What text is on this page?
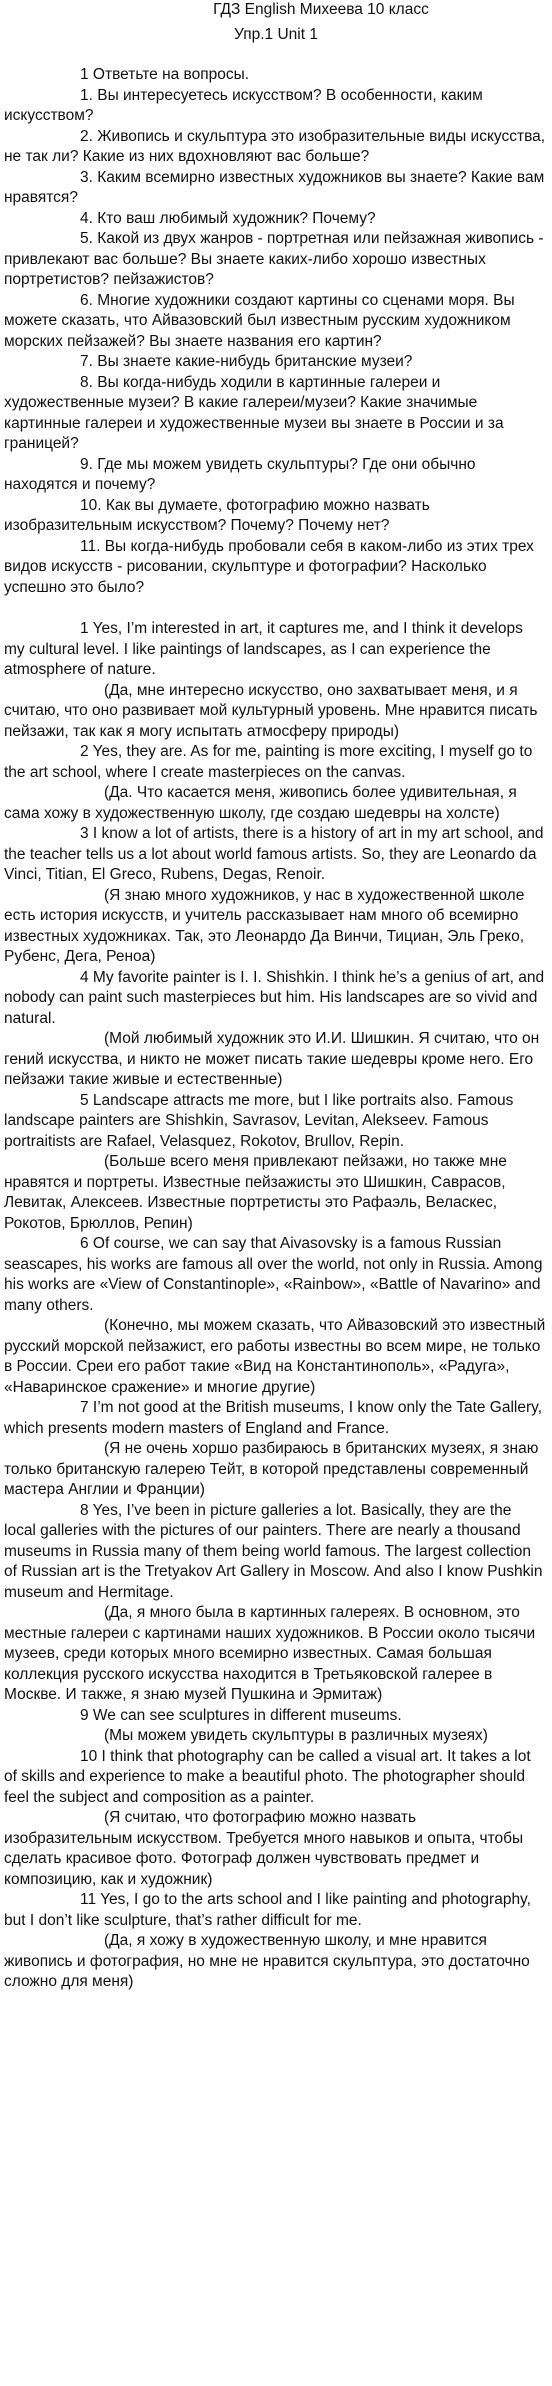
ГДЗ English Михеева 10 класс

Упр.1 Unit 1

1 Ответьте на вопросы.

1. Вы интересуетесь искусством? В особенности, каким искусством?

2. Живопись и скульптура это изобразительные виды искусства, не так ли? Какие из них вдохновляют вас больше?

3. Каким всемирно известных художников вы знаете? Какие вам нравятся?

4. Кто ваш любимый художник? Почему?

5. Какой из двух жанров - портретная или пейзажная живопись - привлекают вас больше? Вы знаете каких-либо хорошо известных портретистов? пейзажистов?

6. Многие художники создают картины со сценами моря. Вы можете сказать, что Айвазовский был известным русским художником морских пейзажей? Вы знаете названия его картин?

7. Вы знаете какие-нибудь британские музеи?

8. Вы когда-нибудь ходили в картинные галереи и художественные музеи? В какие галереи/музеи? Какие значимые картинные галереи и художественные музеи вы знаете в России и за границей?

9. Где мы можем увидеть скульптуры? Где они обычно находятся и почему?

10. Как вы думаете, фотографию можно назвать изобразительным искусством? Почему? Почему нет?

11. Вы когда-нибудь пробовали себя в каком-либо из этих трех видов искусств - рисовании, скульптуре и фотографии? Насколько успешно это было?

1 Yes, I’m interested in art, it captures me, and I think it develops my cultural level. I like paintings of landscapes, as I can experience the atmosphere of nature.

(Да, мне интересно искусство, оно захватывает меня, и я считаю, что оно развивает мой культурный уровень. Мне нравится писать пейзажи, так как я могу испытать атмосферу природы)

2 Yes, they are. As for me, painting is more exciting, I myself go to the art school, where I create masterpieces on the canvas.

(Да. Что касается меня, живопись более удивительная, я сама хожу в художественную школу, где создаю шедевры на холсте)

3 I know a lot of artists, there is a history of art in my art school, and the teacher tells us a lot about world famous artists. So, they are Leonardo da Vinci, Titian, El Greco, Rubens, Degas, Renoir.

(Я знаю много художников, у нас в художественной школе есть история искусств, и учитель рассказывает нам много об всемирно известных художниках. Так, это Леонардо Да Винчи, Тициан, Эль Греко, Рубенс, Дега, Реноа)

4 My favorite painter is I. I. Shishkin. I think he’s a genius of art, and nobody can paint such masterpieces but him. His landscapes are so vivid and natural.

(Мой любимый художник это И.И. Шишкин. Я считаю, что он гений искусства, и никто не может писать такие шедевры кроме него. Его пейзажи такие живые и естественные)

5 Landscape attracts me more, but I like portraits also. Famous landscape painters are Shishkin, Savrasov, Levitan, Alekseev. Famous portraitists are Rafael, Velasquez, Rokotov, Brullov, Repin.

(Больше всего меня привлекают пейзажи, но также мне нравятся и портреты. Известные пейзажисты это Шишкин, Саврасов, Левитак, Алексеев. Известные портретисты это Рафаэль, Веласкес, Рокотов, Брюллов, Репин)

6 Of course, we can say that Aivasovsky is a famous Russian seascapes, his works are famous all over the world, not only in Russia. Among his works are «View of Constantinople», «Rainbow», «Battle of Navarino» and many others.

(Конечно, мы можем сказать, что Айвазовский это известный русский морской пейзажист, его работы известны во всем мире, не только в России. Среи его работ такие «Вид на Константинополь», «Радуга», «Наваринское сражение» и многие другие)

7 I’m not good at the British museums, I know only the Tate Gallery, which presents modern masters of England and France.

(Я не очень хоршо разбираюсь в британских музеях, я знаю только британскую галерею Тейт, в которой представлены современный мастера Англии и Франции)

8 Yes, I’ve been in picture galleries a lot. Basically, they are the local galleries with the pictures of our painters. There are nearly a thousand museums in Russia many of them being world famous. The largest collection of Russian art is the Tretyakov Art Gallery in Moscow. And also I know Pushkin museum and Hermitage.

(Да, я много была в картинных галереях. В основном, это местные галереи с картинами наших художников. В России около тысячи музеев, среди которых много всемирно известных. Самая большая коллекция русского искусства находится в Третьяковской галерее в Москве. И также, я знаю музей Пушкина и Эрмитаж)

9 We can see sculptures in different museums.

(Мы можем увидеть скульптуры в различных музеях)

10 I think that photography can be called a visual art. It takes a lot of skills and experience to make a beautiful photo. The photographer should feel the subject and composition as a painter.

(Я считаю, что фотографию можно назвать изобразительным искусством. Требуется много навыков и опыта, чтобы сделать красивое фото. Фотограф должен чувствовать предмет и композицию, как и художник)

11 Yes, I go to the arts school and I like painting and photography, but I don’t like sculpture, that’s rather difficult for me.

(Да, я хожу в художественную школу, и мне нравится живопись и фотография, но мне не нравится скульптура, это достаточно сложно для меня)
